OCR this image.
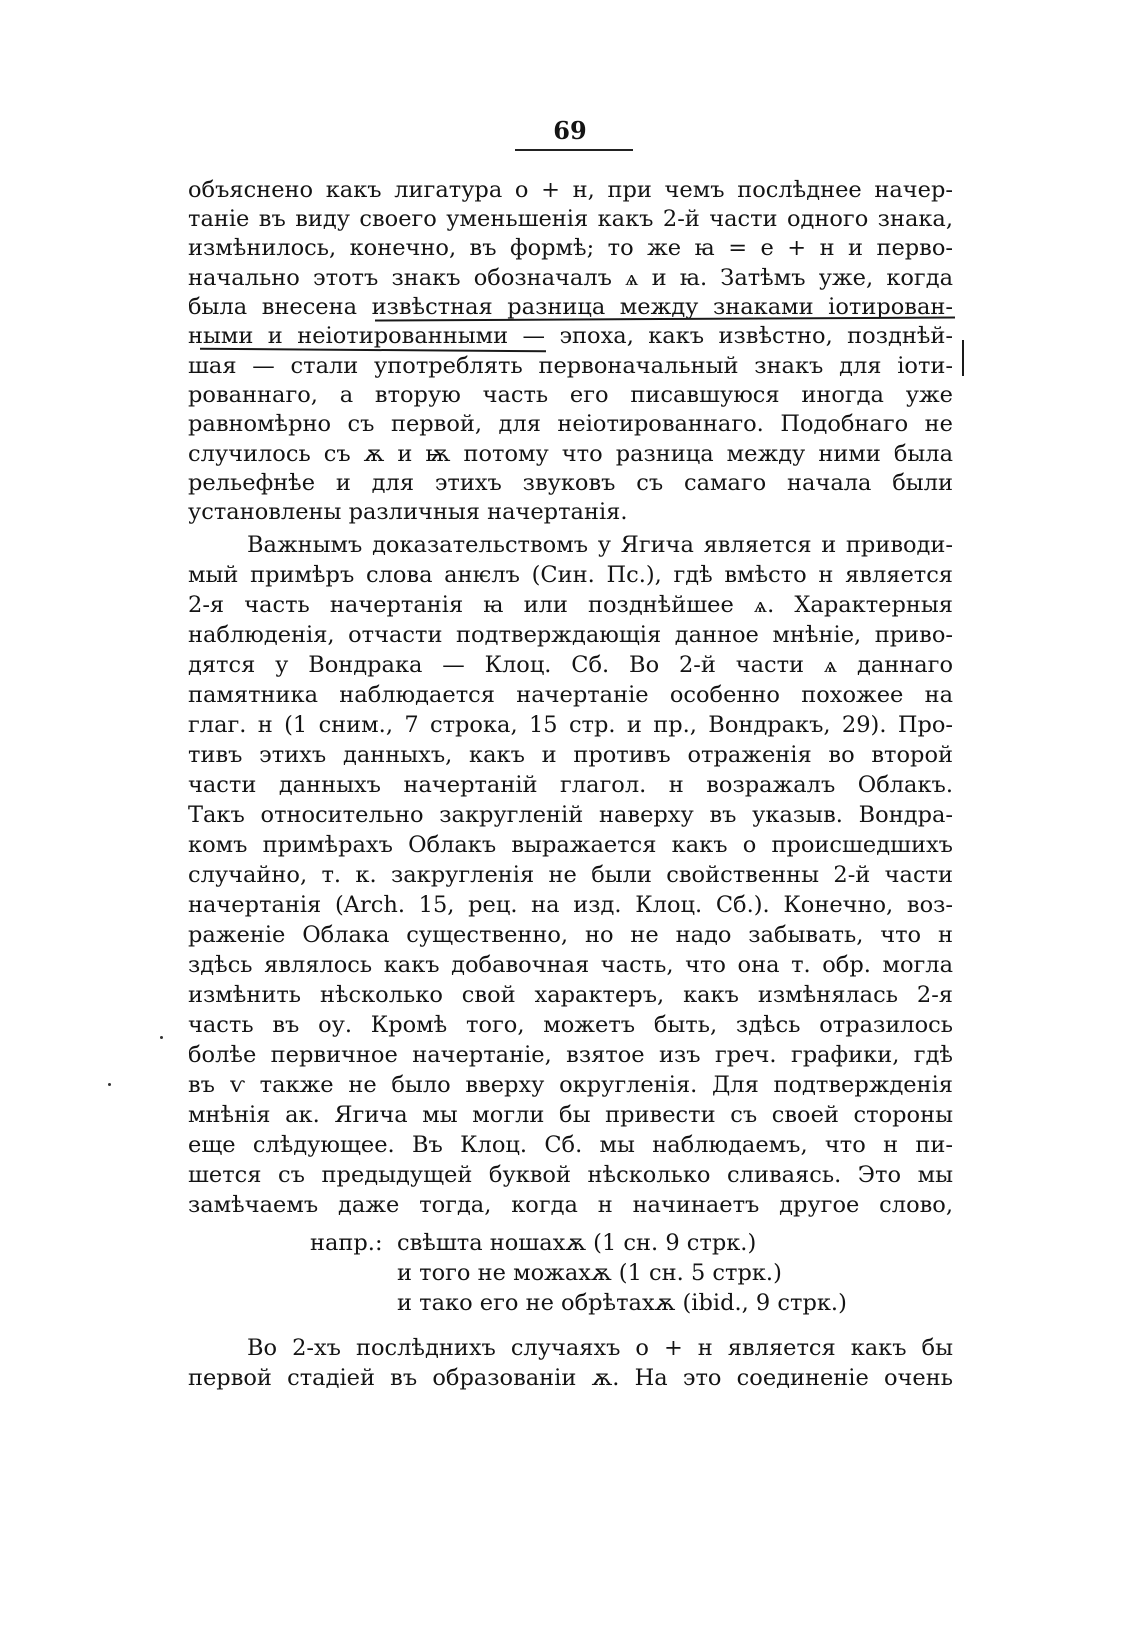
69
объяснено какъ лигатура о + н, при чемъ послѣднее начер-
таніе въ виду своего уменьшенія какъ 2-й части одного знака,
измѣнилось, конечно, въ формѣ; то же ꙗ = е + н и перво-
начально этотъ знакъ обозначалъ ѧ и ꙗ. Затѣмъ уже, когда
была внесена извѣстная разница между знаками іотирован-
ными и неіотированными — эпоха, какъ извѣстно, позднѣй-
шая — стали употреблять первоначальный знакъ для іоти-
рованнаго, а вторую часть его писавшуюся иногда уже
равномѣрно съ первой, для неіотированнаго. Подобнаго не
случилось съ ѫ и ѭ потому что разница между ними была
рельефнѣе и для этихъ звуковъ съ самаго начала были
установлены различныя начертанія.
Важнымъ доказательствомъ у Ягича является и приводи-
мый примѣръ слова анѥлъ (Син. Пс.), гдѣ вмѣсто н является
2-я часть начертанія ꙗ или позднѣйшее ѧ. Характерныя
наблюденія, отчасти подтверждающія данное мнѣніе, приво-
дятся у Вондрака — Клоц. Сб. Во 2-й части ѧ даннаго
памятника наблюдается начертаніе особенно похожее на
глаг. н (1 сним., 7 строка, 15 стр. и пр., Вондракъ, 29). Про-
тивъ этихъ данныхъ, какъ и противъ отраженія во второй
части данныхъ начертаній глагол. н возражалъ Облакъ.
Такъ относительно закругленій наверху въ указыв. Вондра-
комъ примѣрахъ Облакъ выражается какъ о происшедшихъ
случайно, т. к. закругленія не были свойственны 2-й части
начертанія (Arch. 15, рец. на изд. Клоц. Сб.). Конечно, воз-
раженіе Облака существенно, но не надо забывать, что н
здѣсь являлось какъ добавочная часть, что она т. обр. могла
измѣнить нѣсколько свой характеръ, какъ измѣнялась 2-я
часть въ оу. Кромѣ того, можетъ быть, здѣсь отразилось
болѣе первичное начертаніе, взятое изъ греч. графики, гдѣ
въ ѵ также не было вверху округленія. Для подтвержденія
мнѣнія ак. Ягича мы могли бы привести съ своей стороны
еще слѣдующее. Въ Клоц. Сб. мы наблюдаемъ, что н пи-
шется съ предыдущей буквой нѣсколько сливаясь. Это мы
замѣчаемъ даже тогда, когда н начинаетъ другое слово,
напр.: свѣшта ношахѫ (1 сн. 9 стрк.)
и того не можахѫ (1 сн. 5 стрк.)
и тако его не обрѣтахѫ (ibid., 9 стрк.)
Во 2-хъ послѣднихъ случаяхъ о + н является какъ бы
первой стадіей въ образованіи ѫ. На это соединеніе очень
